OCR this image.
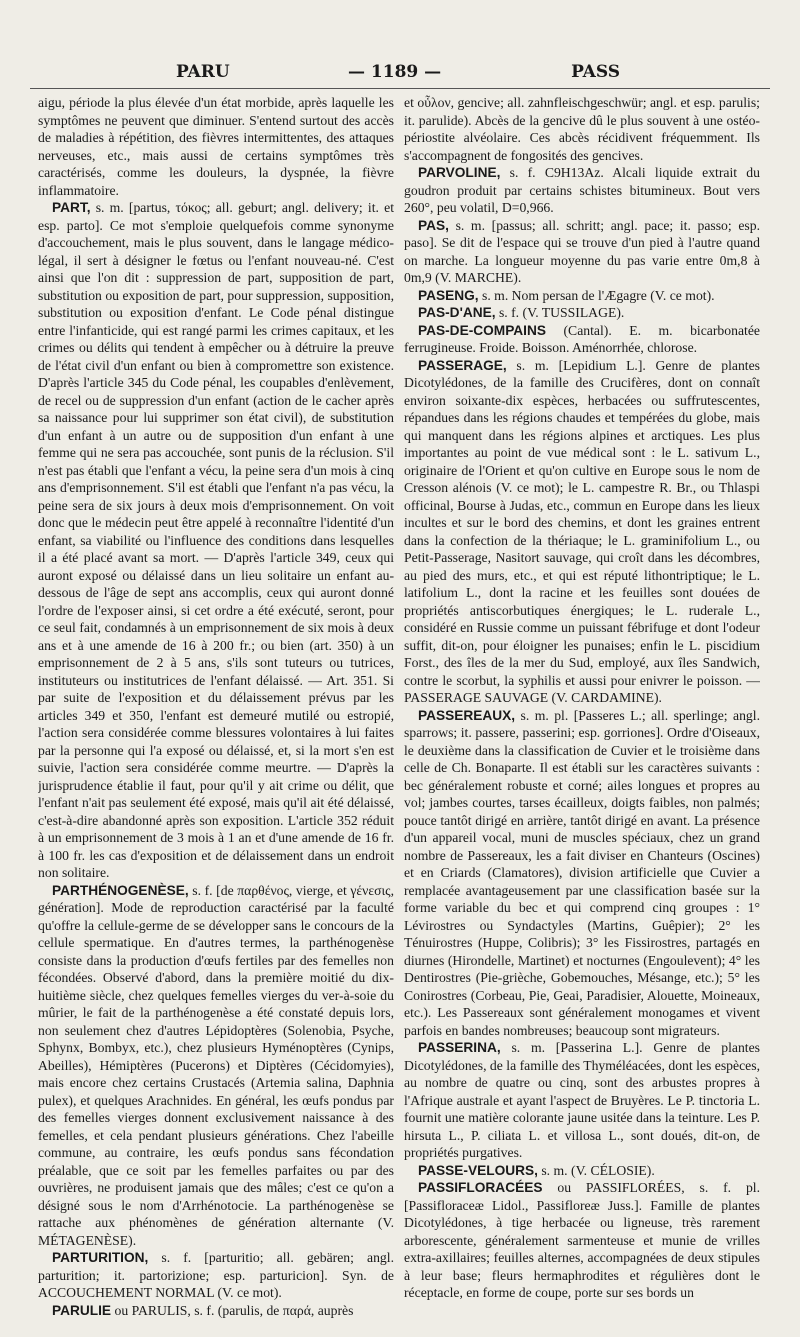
PARU	— 1189 —	PASS

aigu, période la plus élevée d'un état morbide, après laquelle les symptômes ne peuvent que diminuer. S'entend surtout des accès de maladies à répétition, des fièvres intermittentes, des attaques nerveuses, etc., mais aussi de certains symptômes très caractérisés, comme les douleurs, la dyspnée, la fièvre inflammatoire.

PART, s. m. [partus, τόκος; all. geburt; angl. delivery; it. et esp. parto]. Ce mot s'emploie quelquefois comme synonyme d'accouchement, mais le plus souvent, dans le langage médico-légal, il sert à désigner le fœtus ou l'enfant nouveau-né. C'est ainsi que l'on dit : suppression de part, supposition de part, substitution ou exposition de part, pour suppression, supposition, substitution ou exposition d'enfant. Le Code pénal distingue entre l'infanticide, qui est rangé parmi les crimes capitaux, et les crimes ou délits qui tendent à empêcher ou à détruire la preuve de l'état civil d'un enfant ou bien à compromettre son existence. D'après l'article 345 du Code pénal, les coupables d'enlèvement, de recel ou de suppression d'un enfant (action de le cacher après sa naissance pour lui supprimer son état civil), de substitution d'un enfant à un autre ou de supposition d'un enfant à une femme qui ne sera pas accouchée, sont punis de la réclusion. S'il n'est pas établi que l'enfant a vécu, la peine sera d'un mois à cinq ans d'emprisonnement. S'il est établi que l'enfant n'a pas vécu, la peine sera de six jours à deux mois d'emprisonnement. On voit donc que le médecin peut être appelé à reconnaître l'identité d'un enfant, sa viabilité ou l'influence des conditions dans lesquelles il a été placé avant sa mort. — D'après l'article 349, ceux qui auront exposé ou délaissé dans un lieu solitaire un enfant au-dessous de l'âge de sept ans accomplis, ceux qui auront donné l'ordre de l'exposer ainsi, si cet ordre a été exécuté, seront, pour ce seul fait, condamnés à un emprisonnement de six mois à deux ans et à une amende de 16 à 200 fr.; ou bien (art. 350) à un emprisonnement de 2 à 5 ans, s'ils sont tuteurs ou tutrices, instituteurs ou institutrices de l'enfant délaissé. — Art. 351. Si par suite de l'exposition et du délaissement prévus par les articles 349 et 350, l'enfant est demeuré mutilé ou estropié, l'action sera considérée comme blessures volontaires à lui faites par la personne qui l'a exposé ou délaissé, et, si la mort s'en est suivie, l'action sera considérée comme meurtre. — D'après la jurisprudence établie il faut, pour qu'il y ait crime ou délit, que l'enfant n'ait pas seulement été exposé, mais qu'il ait été délaissé, c'est-à-dire abandonné après son exposition. L'article 352 réduit à un emprisonnement de 3 mois à 1 an et d'une amende de 16 fr. à 100 fr. les cas d'exposition et de délaissement dans un endroit non solitaire.

PARTHÉNOGENÈSE, s. f. [de παρθένος, vierge, et γένεσις, génération]. Mode de reproduction caractérisé par la faculté qu'offre la cellule-germe de se développer sans le concours de la cellule spermatique. En d'autres termes, la parthénogenèse consiste dans la production d'œufs fertiles par des femelles non fécondées. Observé d'abord, dans la première moitié du dix-huitième siècle, chez quelques femelles vierges du ver-à-soie du mûrier, le fait de la parthénogenèse a été constaté depuis lors, non seulement chez d'autres Lépidoptères (Solenobia, Psyche, Sphynx, Bombyx, etc.), chez plusieurs Hyménoptères (Cynips, Abeilles), Hémiptères (Pucerons) et Diptères (Cécidomyies), mais encore chez certains Crustacés (Artemia salina, Daphnia pulex), et quelques Arachnides. En général, les œufs pondus par des femelles vierges donnent exclusivement naissance à des femelles, et cela pendant plusieurs générations. Chez l'abeille commune, au contraire, les œufs pondus sans fécondation préalable, que ce soit par les femelles parfaites ou par des ouvrières, ne produisent jamais que des mâles; c'est ce qu'on a désigné sous le nom d'Arrhénotocie. La parthénogenèse se rattache aux phénomènes de génération alternante (V. MÉTAGENÈSE).

PARTURITION, s. f. [parturitio; all. gebären; angl. parturition; it. partorizione; esp. parturicion]. Syn. de ACCOUCHEMENT NORMAL (V. ce mot).

PARULIE ou PARULIS, s. f. (parulis, de παρά, auprès

et οὖλον, gencive; all. zahnfleischgeschwür; angl. et esp. parulis; it. parulide). Abcès de la gencive dû le plus souvent à une ostéo-périostite alvéolaire. Ces abcès récidivent fréquemment. Ils s'accompagnent de fongosités des gencives.

PARVOLINE, s. f. C9H13Az. Alcali liquide extrait du goudron produit par certains schistes bitumineux. Bout vers 260°, peu volatil, D=0,966.

PAS, s. m. [passus; all. schritt; angl. pace; it. passo; esp. paso]. Se dit de l'espace qui se trouve d'un pied à l'autre quand on marche. La longueur moyenne du pas varie entre 0m,8 à 0m,9 (V. MARCHE).

PASENG, s. m. Nom persan de l'Ægagre (V. ce mot).

PAS-D'ANE, s. f. (V. TUSSILAGE).

PAS-DE-COMPAINS (Cantal). E. m. bicarbonatée ferrugineuse. Froide. Boisson. Aménorrhée, chlorose.

PASSERAGE, s. m. [Lepidium L.]. Genre de plantes Dicotylédones, de la famille des Crucifères, dont on connaît environ soixante-dix espèces, herbacées ou suffrutescentes, répandues dans les régions chaudes et tempérées du globe, mais qui manquent dans les régions alpines et arctiques. Les plus importantes au point de vue médical sont : le L. sativum L., originaire de l'Orient et qu'on cultive en Europe sous le nom de Cresson alénois (V. ce mot); le L. campestre R. Br., ou Thlaspi officinal, Bourse à Judas, etc., commun en Europe dans les lieux incultes et sur le bord des chemins, et dont les graines entrent dans la confection de la thériaque; le L. graminifolium L., ou Petit-Passerage, Nasitort sauvage, qui croît dans les décombres, au pied des murs, etc., et qui est réputé lithontriptique; le L. latifolium L., dont la racine et les feuilles sont douées de propriétés antiscorbutiques énergiques; le L. ruderale L., considéré en Russie comme un puissant fébrifuge et dont l'odeur suffit, dit-on, pour éloigner les punaises; enfin le L. piscidium Forst., des îles de la mer du Sud, employé, aux îles Sandwich, contre le scorbut, la syphilis et aussi pour enivrer le poisson. — PASSERAGE SAUVAGE (V. CARDAMINE).

PASSEREAUX, s. m. pl. [Passeres L.; all. sperlinge; angl. sparrows; it. passere, passerini; esp. gorriones]. Ordre d'Oiseaux, le deuxième dans la classification de Cuvier et le troisième dans celle de Ch. Bonaparte. Il est établi sur les caractères suivants : bec généralement robuste et corné; ailes longues et propres au vol; jambes courtes, tarses écailleux, doigts faibles, non palmés; pouce tantôt dirigé en arrière, tantôt dirigé en avant. La présence d'un appareil vocal, muni de muscles spéciaux, chez un grand nombre de Passereaux, les a fait diviser en Chanteurs (Oscines) et en Criards (Clamatores), division artificielle que Cuvier a remplacée avantageusement par une classification basée sur la forme variable du bec et qui comprend cinq groupes : 1° Lévirostres ou Syndactyles (Martins, Guêpier); 2° les Ténuirostres (Huppe, Colibris); 3° les Fissirostres, partagés en diurnes (Hirondelle, Martinet) et nocturnes (Engoulevent); 4° les Dentirostres (Pie-grièche, Gobemouches, Mésange, etc.); 5° les Conirostres (Corbeau, Pie, Geai, Paradisier, Alouette, Moineaux, etc.). Les Passereaux sont généralement monogames et vivent parfois en bandes nombreuses; beaucoup sont migrateurs.

PASSERINA, s. m. [Passerina L.]. Genre de plantes Dicotylédones, de la famille des Thyméléacées, dont les espèces, au nombre de quatre ou cinq, sont des arbustes propres à l'Afrique australe et ayant l'aspect de Bruyères. Le P. tinctoria L. fournit une matière colorante jaune usitée dans la teinture. Les P. hirsuta L., P. ciliata L. et villosa L., sont doués, dit-on, de propriétés purgatives.

PASSE-VELOURS, s. m. (V. CÉLOSIE).

PASSIFLORACÉES ou PASSIFLORÉES, s. f. pl. [Passifloraceæ Lidol., Passifloreæ Juss.]. Famille de plantes Dicotylédones, à tige herbacée ou ligneuse, très rarement arborescente, généralement sarmenteuse et munie de vrilles extra-axillaires; feuilles alternes, accompagnées de deux stipules à leur base; fleurs hermaphrodites et régulières dont le réceptacle, en forme de coupe, porte sur ses bords un
